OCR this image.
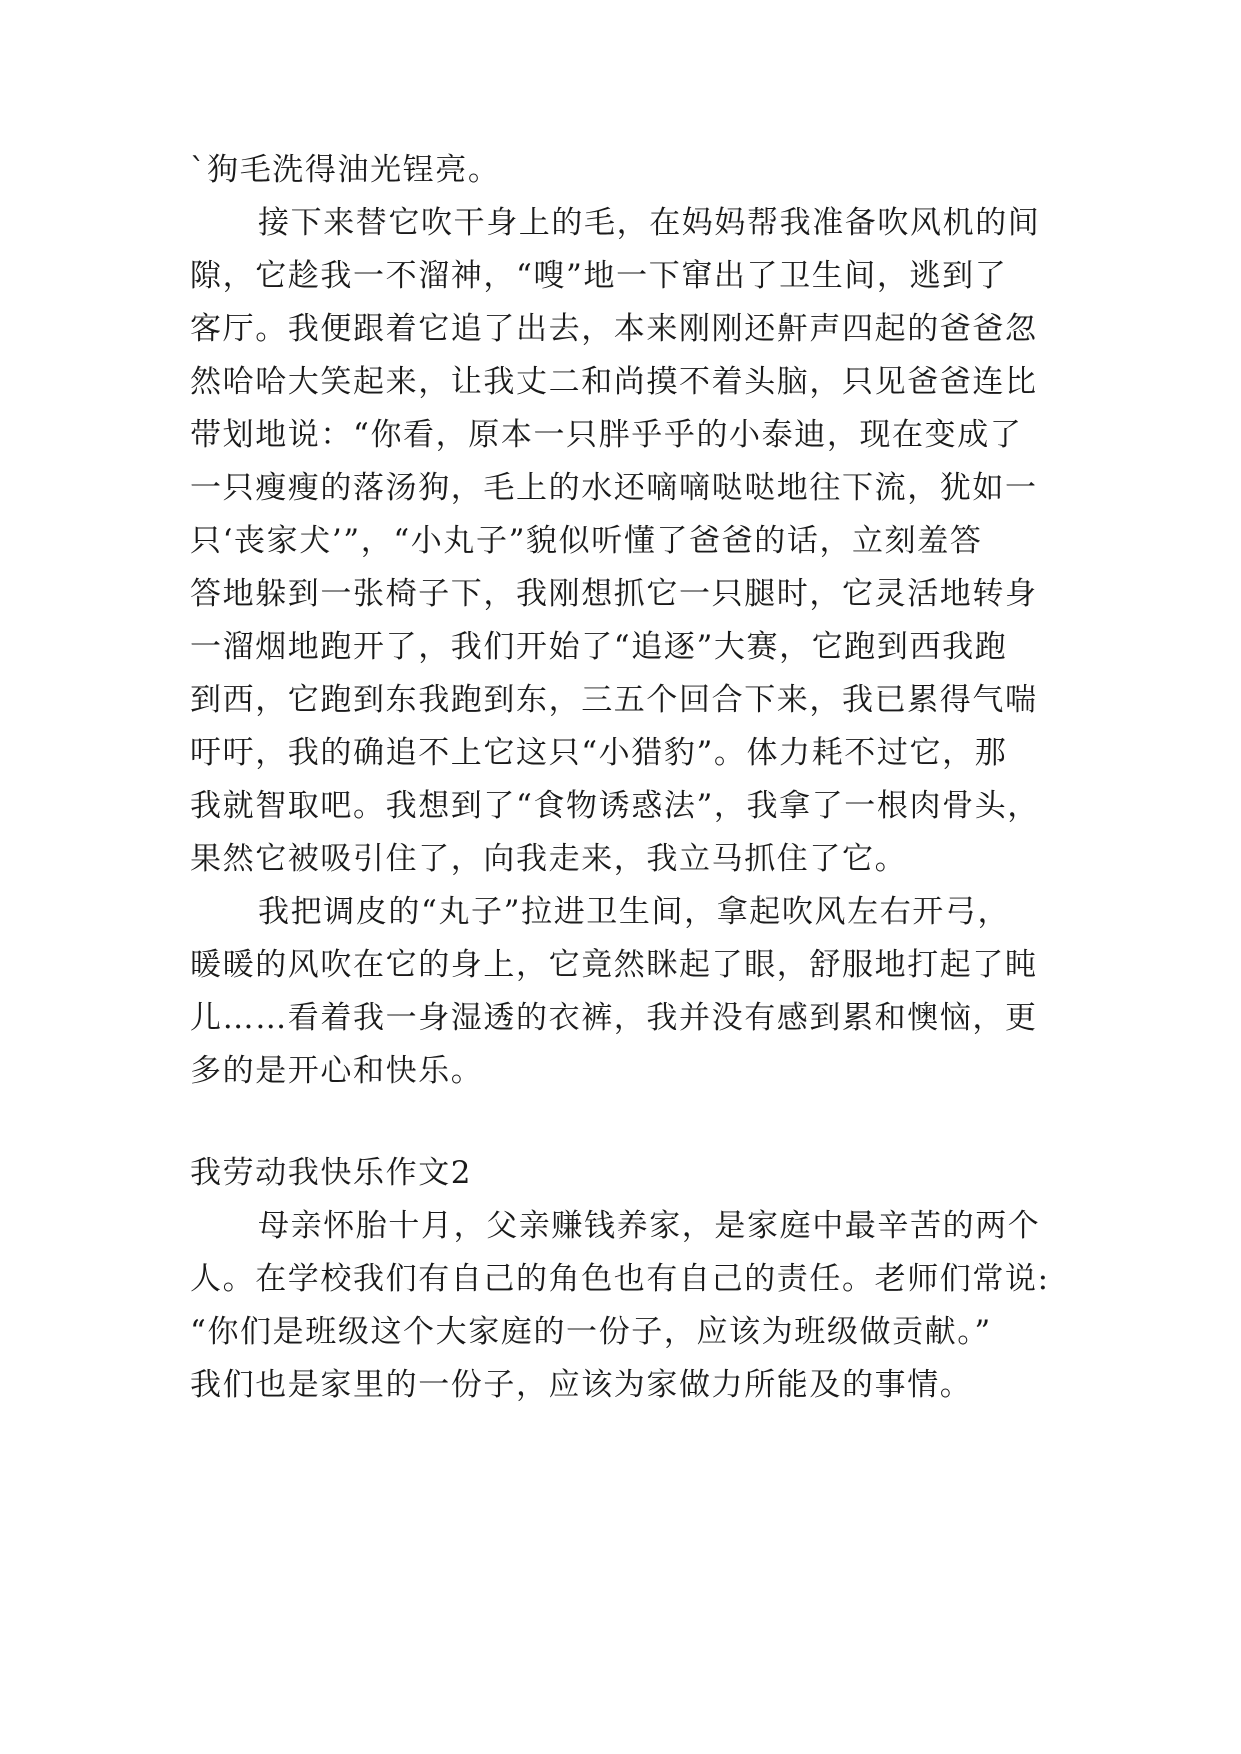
`狗毛洗得油光锃亮。
接下来替它吹干身上的毛，在妈妈帮我准备吹风机的间
隙，它趁我一不溜神，“嗖”地一下窜出了卫生间，逃到了
客厅。我便跟着它追了出去，本来刚刚还鼾声四起的爸爸忽
然哈哈大笑起来，让我丈二和尚摸不着头脑，只见爸爸连比
带划地说：“你看，原本一只胖乎乎的小泰迪，现在变成了
一只瘦瘦的落汤狗，毛上的水还嘀嘀哒哒地往下流，犹如一
只‘丧家犬’”，“小丸子”貌似听懂了爸爸的话，立刻羞答
答地躲到一张椅子下，我刚想抓它一只腿时，它灵活地转身
一溜烟地跑开了，我们开始了“追逐”大赛，它跑到西我跑
到西，它跑到东我跑到东，三五个回合下来，我已累得气喘
吁吁，我的确追不上它这只“小猎豹”。体力耗不过它，那
我就智取吧。我想到了“食物诱惑法”，我拿了一根肉骨头，
果然它被吸引住了，向我走来，我立马抓住了它。
我把调皮的“丸子”拉进卫生间，拿起吹风左右开弓，
暖暖的风吹在它的身上，它竟然眯起了眼，舒服地打起了盹
儿……看着我一身湿透的衣裤，我并没有感到累和懊恼，更
多的是开心和快乐。
我劳动我快乐作文2
母亲怀胎十月，父亲赚钱养家，是家庭中最辛苦的两个
人。在学校我们有自己的角色也有自己的责任。老师们常说:
“你们是班级这个大家庭的一份子，应该为班级做贡献。”
我们也是家里的一份子，应该为家做力所能及的事情。
